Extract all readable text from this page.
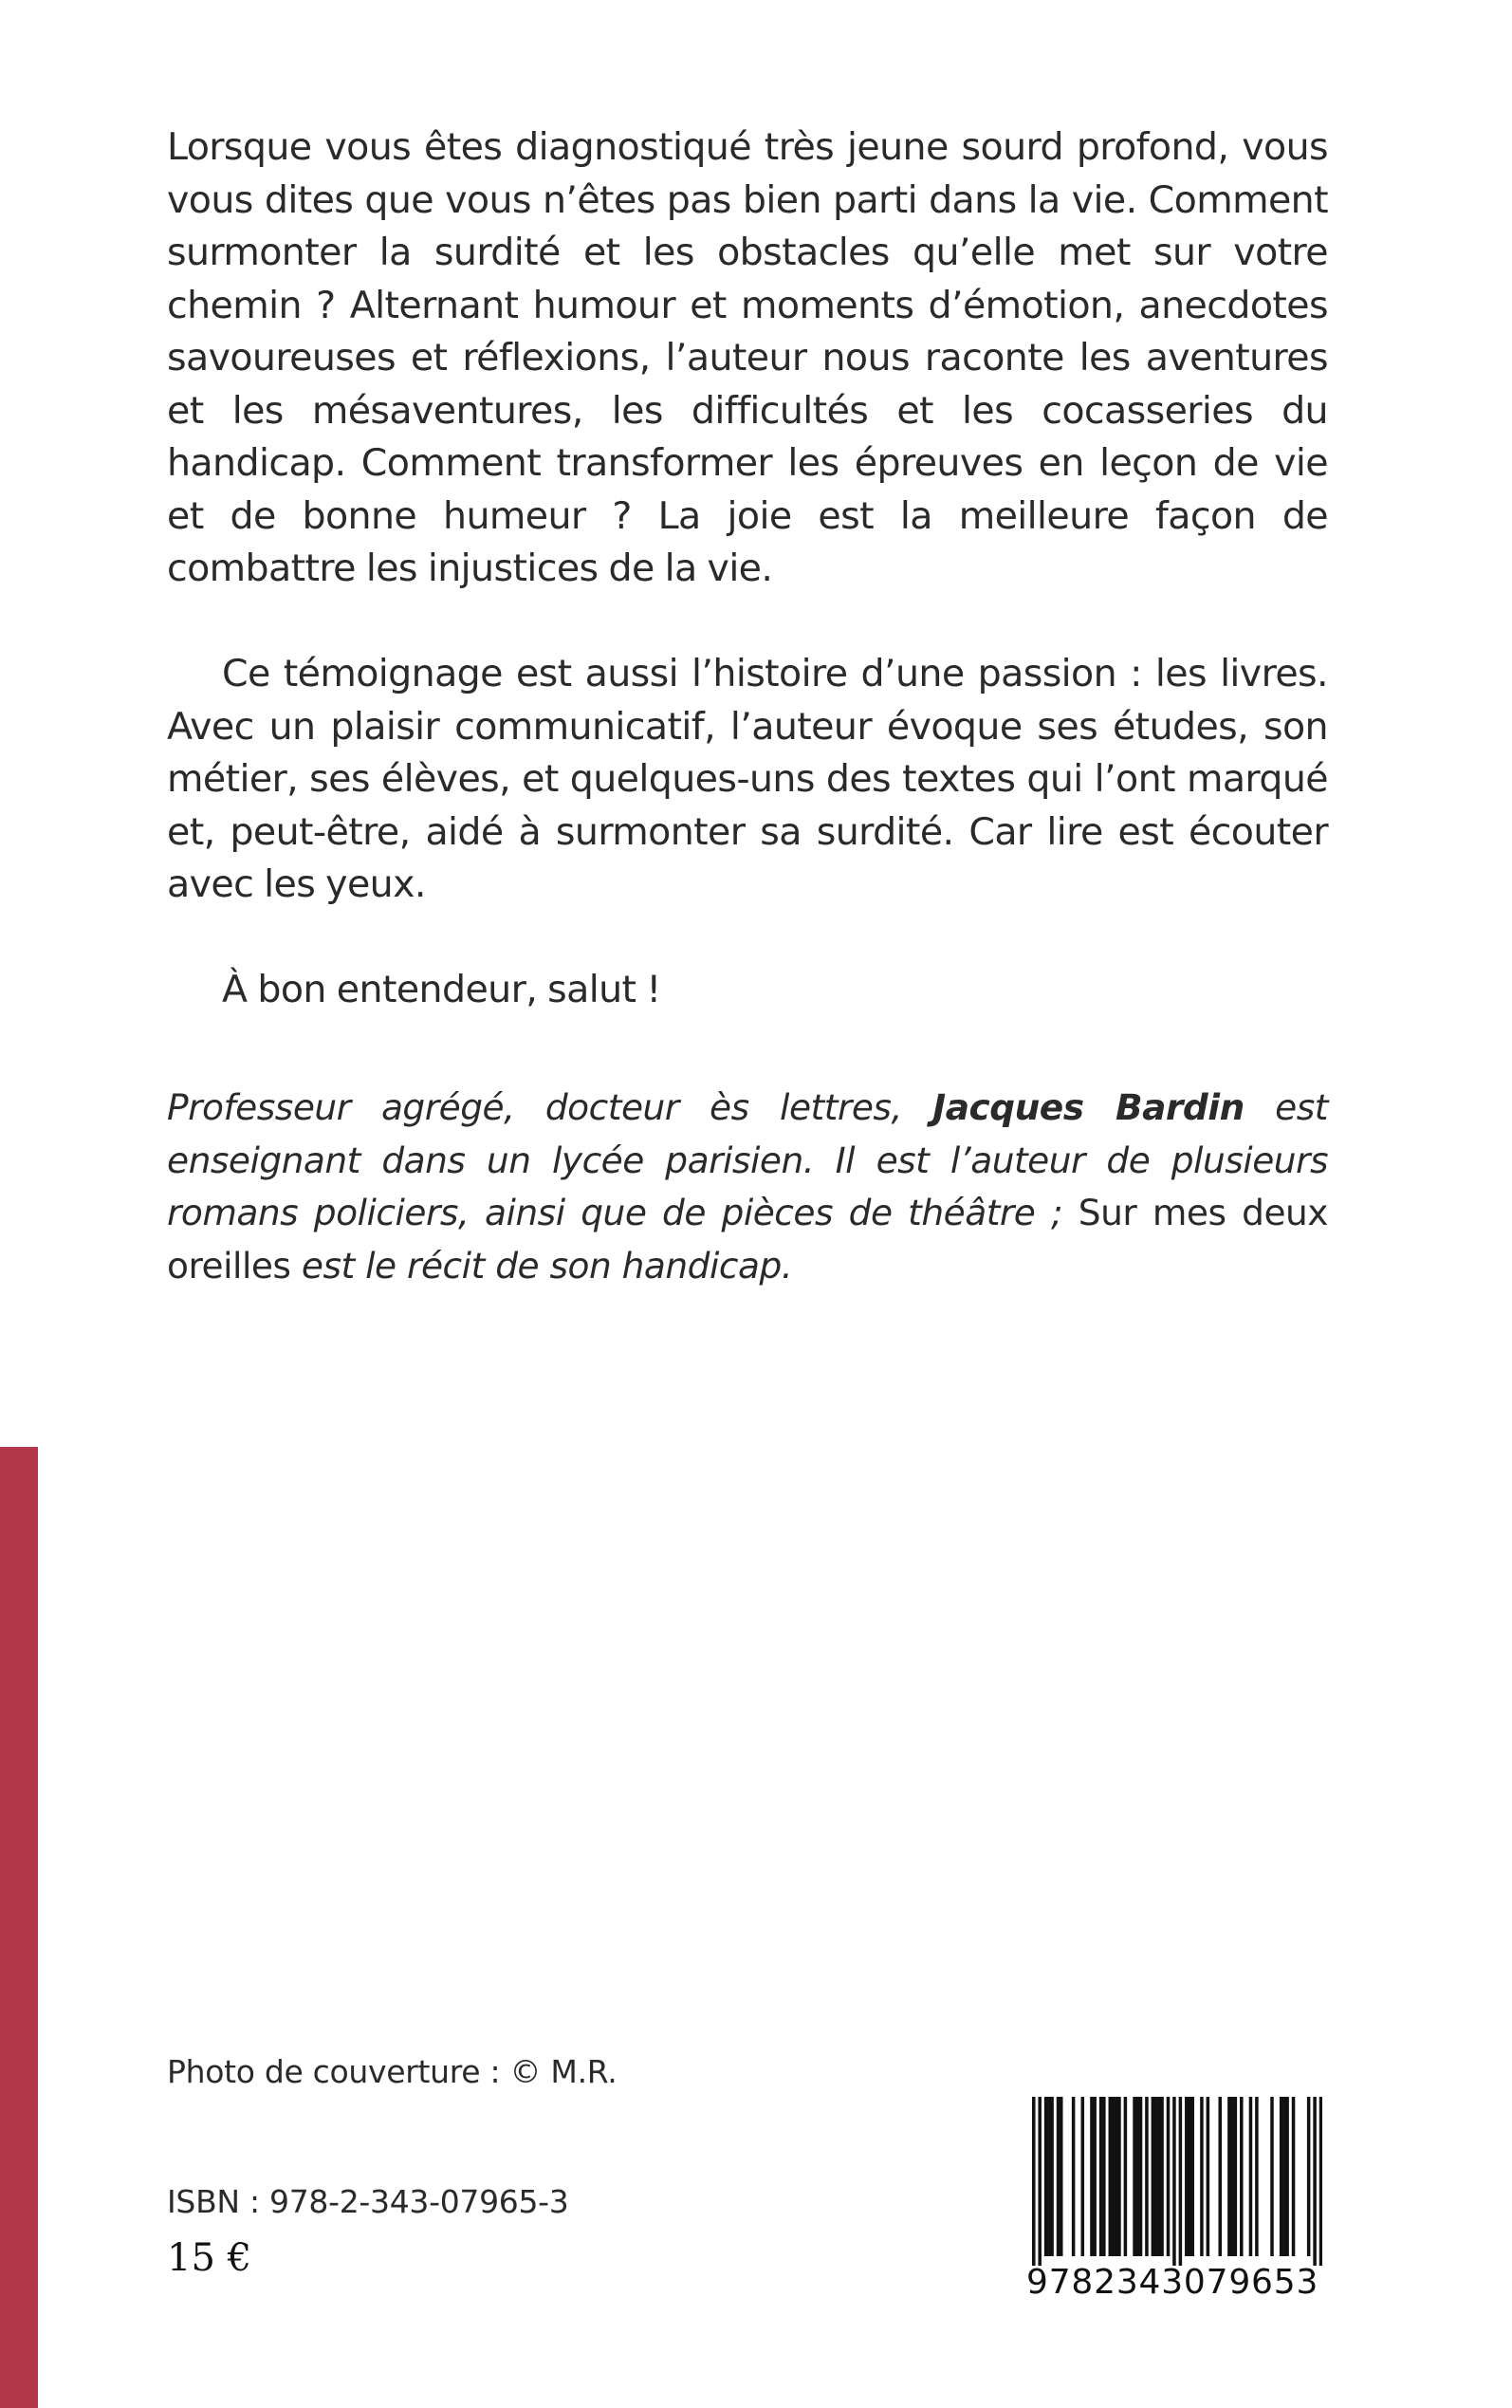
Lorsque vous êtes diagnostiqué très jeune sourd profond, vous vous dites que vous n’êtes pas bien parti dans la vie. Comment surmonter la surdité et les obstacles qu’elle met sur votre chemin ? Alternant humour et moments d’émotion, anecdotes savoureuses et réflexions, l’auteur nous raconte les aventures et les mésaventures, les difficultés et les cocasseries du handicap. Comment transformer les épreuves en leçon de vie et de bonne humeur ? La joie est la meilleure façon de combattre les injustices de la vie.

Ce témoignage est aussi l’histoire d’une passion : les livres. Avec un plaisir communicatif, l’auteur évoque ses études, son métier, ses élèves, et quelques-uns des textes qui l’ont marqué et, peut-être, aidé à surmonter sa surdité. Car lire est écouter avec les yeux.

À bon entendeur, salut !

Professeur agrégé, docteur ès lettres, Jacques Bardin est enseignant dans un lycée parisien. Il est l’auteur de plusieurs romans policiers, ainsi que de pièces de théâtre ; Sur mes deux oreilles est le récit de son handicap.
Photo de couverture : © M.R.
ISBN : 978-2-343-07965-3
15 €
9782343079653
